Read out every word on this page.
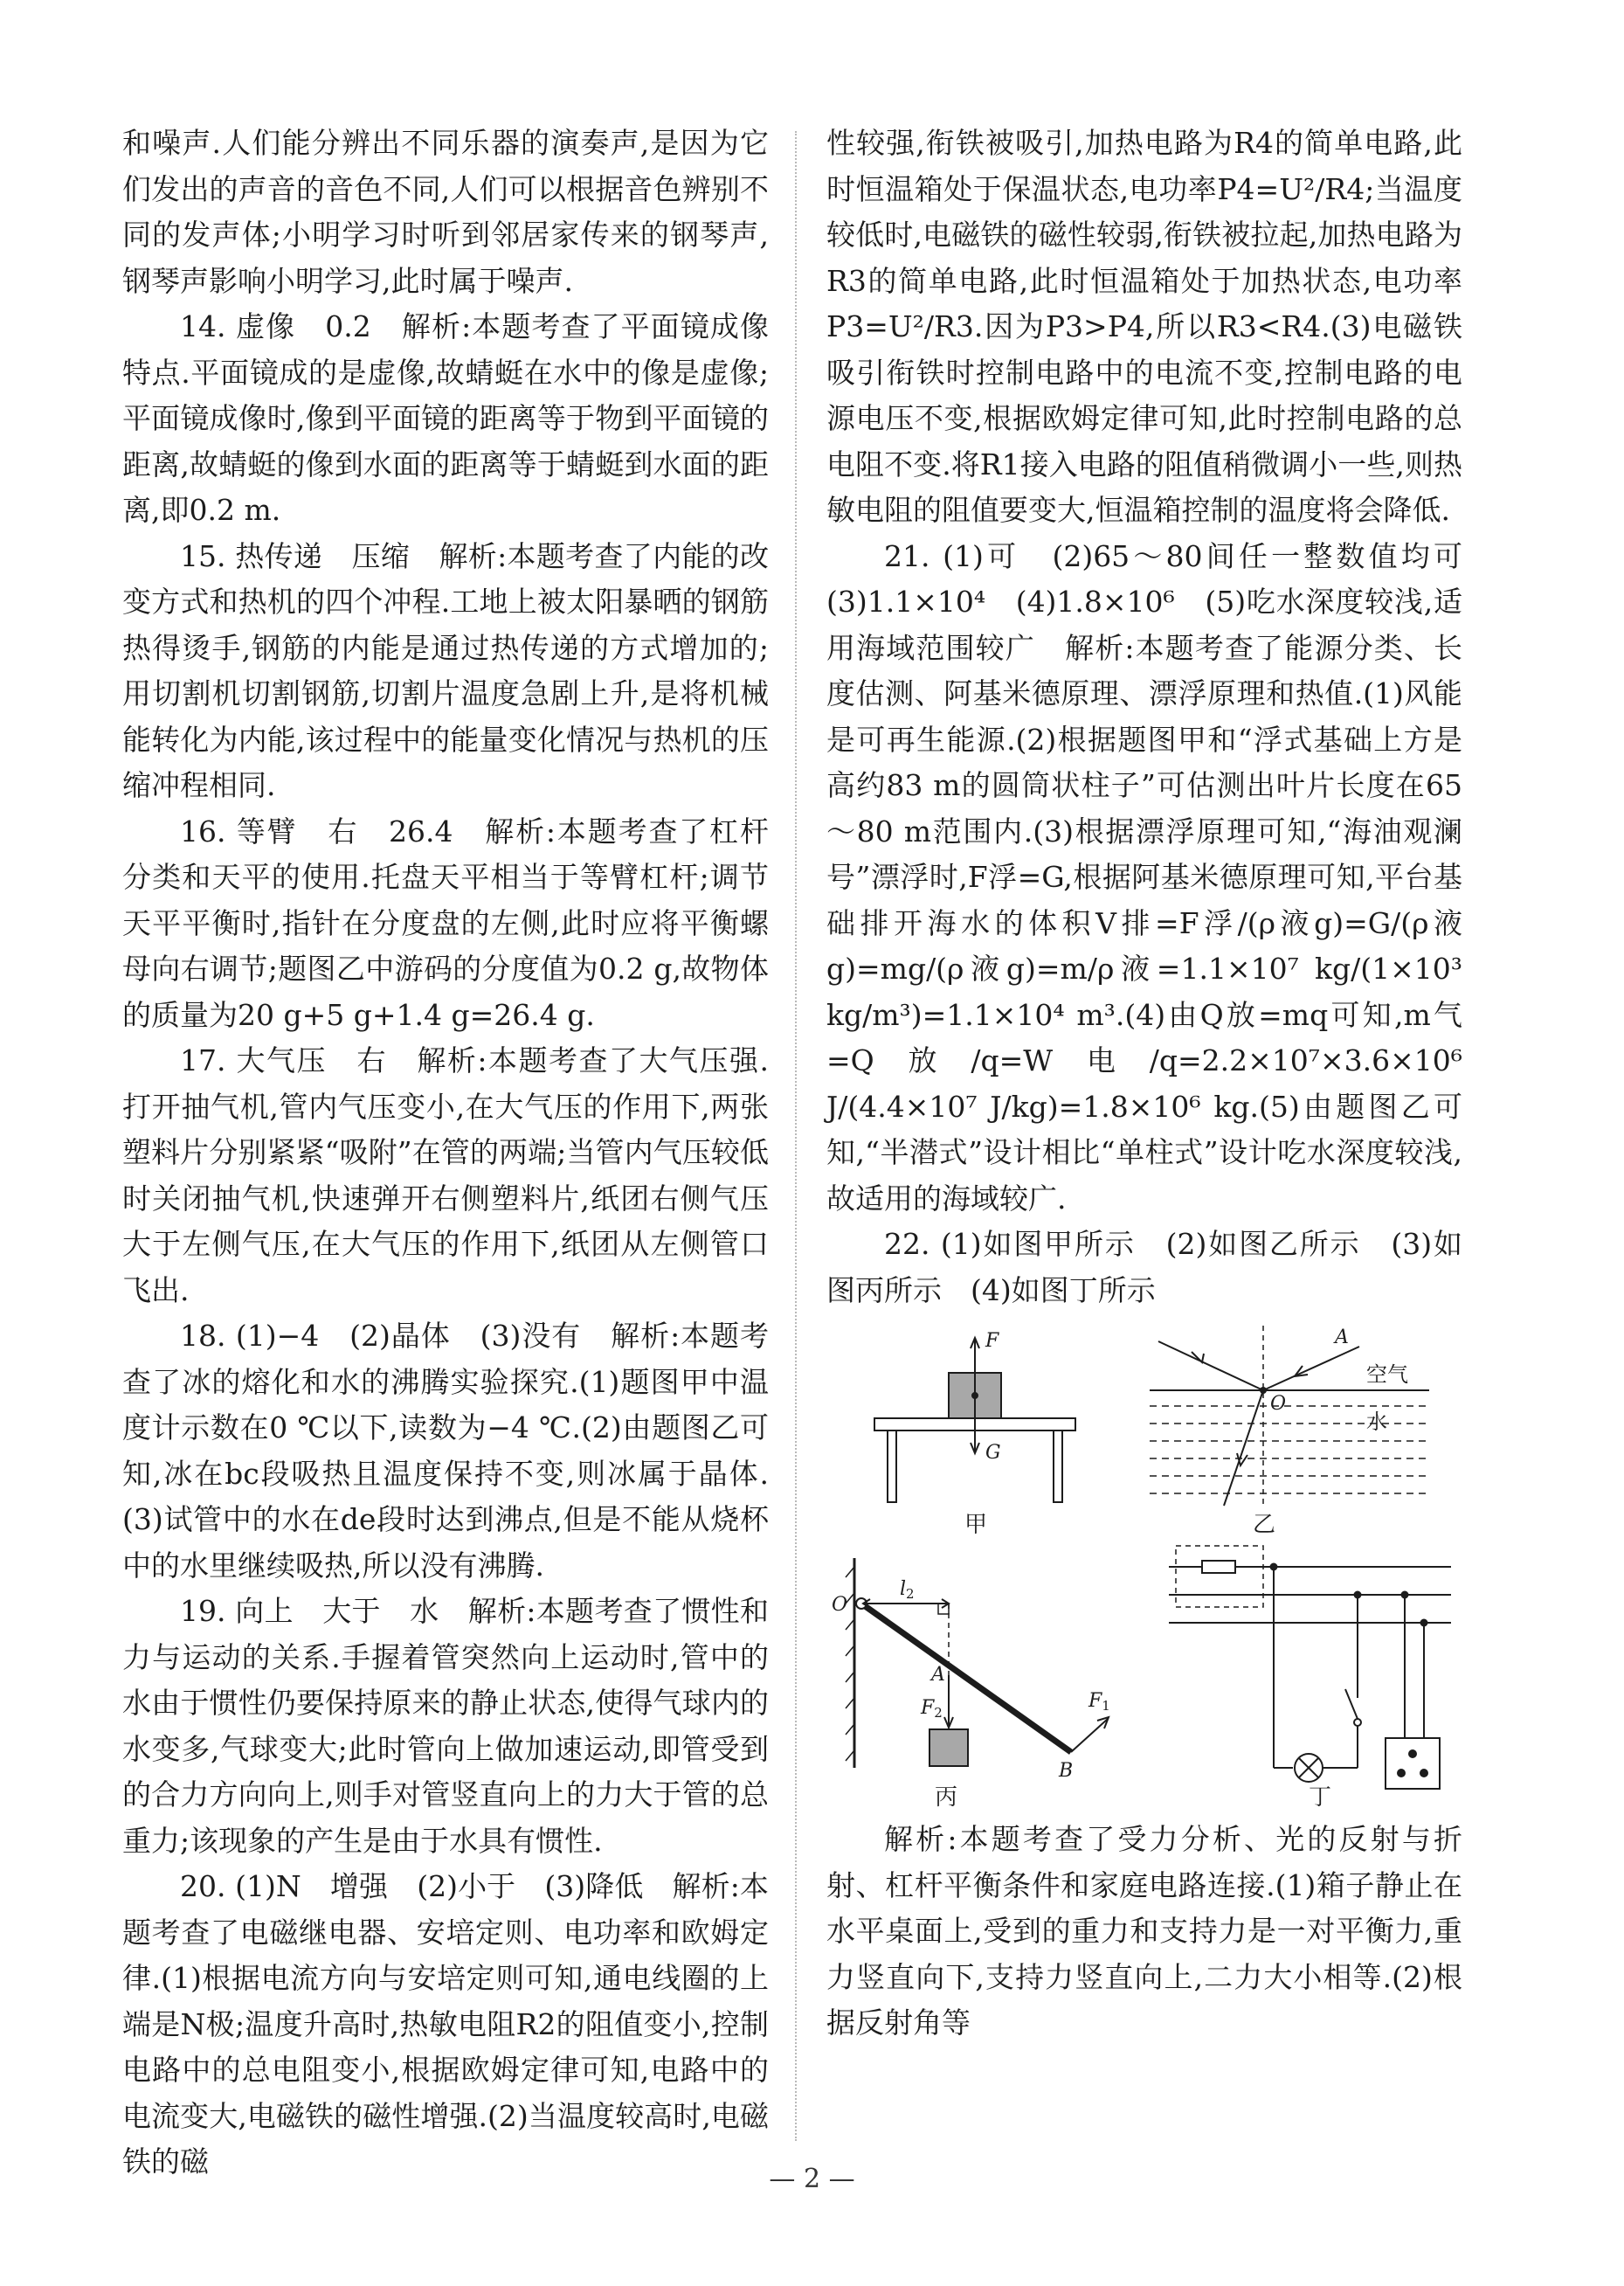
和噪声.人们能分辨出不同乐器的演奏声,是因为它们发出的声音的音色不同,人们可以根据音色辨别不同的发声体;小明学习时听到邻居家传来的钢琴声,钢琴声影响小明学习,此时属于噪声.

14. 虚像　0.2　解析:本题考查了平面镜成像特点.平面镜成的是虚像,故蜻蜓在水中的像是虚像;平面镜成像时,像到平面镜的距离等于物到平面镜的距离,故蜻蜓的像到水面的距离等于蜻蜓到水面的距离,即0.2 m.

15. 热传递　压缩　解析:本题考查了内能的改变方式和热机的四个冲程.工地上被太阳暴晒的钢筋热得烫手,钢筋的内能是通过热传递的方式增加的;用切割机切割钢筋,切割片温度急剧上升,是将机械能转化为内能,该过程中的能量变化情况与热机的压缩冲程相同.

16. 等臂　右　26.4　解析:本题考查了杠杆分类和天平的使用.托盘天平相当于等臂杠杆;调节天平平衡时,指针在分度盘的左侧,此时应将平衡螺母向右调节;题图乙中游码的分度值为0.2 g,故物体的质量为20 g+5 g+1.4 g=26.4 g.

17. 大气压　右　解析:本题考查了大气压强.打开抽气机,管内气压变小,在大气压的作用下,两张塑料片分别紧紧“吸附”在管的两端;当管内气压较低时关闭抽气机,快速弹开右侧塑料片,纸团右侧气压大于左侧气压,在大气压的作用下,纸团从左侧管口飞出.

18. (1)−4　(2)晶体　(3)没有　解析:本题考查了冰的熔化和水的沸腾实验探究.(1)题图甲中温度计示数在0 ℃以下,读数为−4 ℃.(2)由题图乙可知,冰在bc段吸热且温度保持不变,则冰属于晶体.(3)试管中的水在de段时达到沸点,但是不能从烧杯中的水里继续吸热,所以没有沸腾.

19. 向上　大于　水　解析:本题考查了惯性和力与运动的关系.手握着管突然向上运动时,管中的水由于惯性仍要保持原来的静止状态,使得气球内的水变多,气球变大;此时管向上做加速运动,即管受到的合力方向向上,则手对管竖直向上的力大于管的总重力;该现象的产生是由于水具有惯性.

20. (1)N　增强　(2)小于　(3)降低　解析:本题考查了电磁继电器、安培定则、电功率和欧姆定律.(1)根据电流方向与安培定则可知,通电线圈的上端是N极;温度升高时,热敏电阻R2的阻值变小,控制电路中的总电阻变小,根据欧姆定律可知,电路中的电流变大,电磁铁的磁性增强.(2)当温度较高时,电磁铁的磁

性较强,衔铁被吸引,加热电路为R4的简单电路,此时恒温箱处于保温状态,电功率P4=U²/R4;当温度较低时,电磁铁的磁性较弱,衔铁被拉起,加热电路为R3的简单电路,此时恒温箱处于加热状态,电功率P3=U²/R3.因为P3>P4,所以R3<R4.(3)电磁铁吸引衔铁时控制电路中的电流不变,控制电路的电源电压不变,根据欧姆定律可知,此时控制电路的总电阻不变.将R1接入电路的阻值稍微调小一些,则热敏电阻的阻值要变大,恒温箱控制的温度将会降低.

21. (1)可　(2)65～80间任一整数值均可　(3)1.1×10⁴　(4)1.8×10⁶　(5)吃水深度较浅,适用海域范围较广　解析:本题考查了能源分类、长度估测、阿基米德原理、漂浮原理和热值.(1)风能是可再生能源.(2)根据题图甲和“浮式基础上方是高约83 m的圆筒状柱子”可估测出叶片长度在65～80 m范围内.(3)根据漂浮原理可知,“海油观澜号”漂浮时,F浮=G,根据阿基米德原理可知,平台基础排开海水的体积V排=F浮/(ρ液g)=G/(ρ液g)=mg/(ρ液g)=m/ρ液=1.1×10⁷ kg/(1×10³ kg/m³)=1.1×10⁴ m³.(4)由Q放=mq可知,m气=Q放/q=W电/q=2.2×10⁷×3.6×10⁶ J/(4.4×10⁷ J/kg)=1.8×10⁶ kg.(5)由题图乙可知,“半潜式”设计相比“单柱式”设计吃水深度较浅,故适用的海域较广.

22. (1)如图甲所示　(2)如图乙所示　(3)如图丙所示　(4)如图丁所示

F
G
甲
A
O
空气
水
乙
O
l2
A
F2
B
F1
丙	丁

解析:本题考查了受力分析、光的反射与折射、杠杆平衡条件和家庭电路连接.(1)箱子静止在水平桌面上,受到的重力和支持力是一对平衡力,重力竖直向下,支持力竖直向上,二力大小相等.(2)根据反射角等

— 2 —
